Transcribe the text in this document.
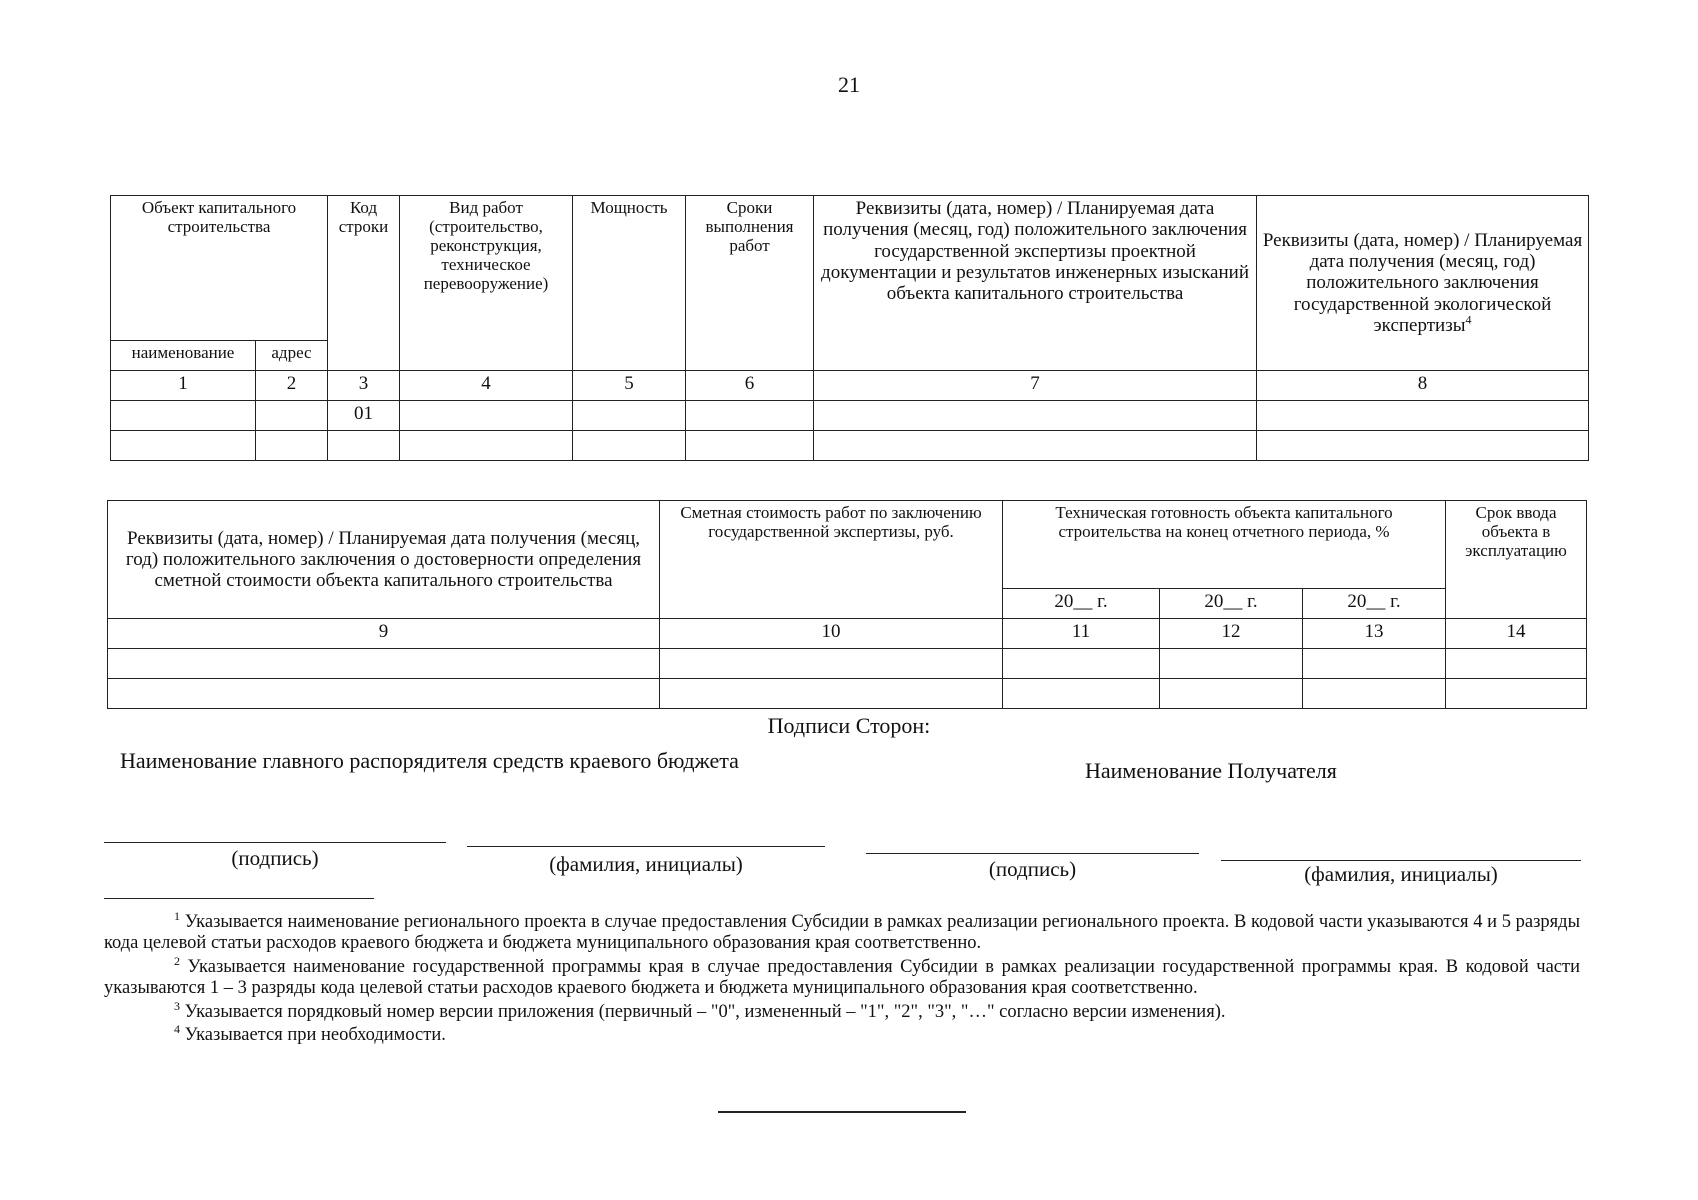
21
Объект капитального строительства		Код строки	Вид работ (строительство, реконструкция, техническое перевооружение)	Мощность	Сроки выполнения работ	Реквизиты (дата, номер) / Планируемая дата получения (месяц, год) положительного заключения государственной экспертизы проектной документации и результатов инженерных изысканий объекта капитального строительства	Реквизиты (дата, номер) / Планируемая дата получения (месяц, год) положительного заключения государственной экологической экспертизы$^4$
наименование	адрес						
1	2	3	4	5	6	7	8
		01					

Реквизиты (дата, номер) / Планируемая дата получения (месяц, год) положительного заключения о достоверности определения сметной стоимости объекта капитального строительства	Сметная стоимость работ по заключению государственной экспертизы, руб.	Техническая готовность объекта капитального строительства на конец отчетного периода, %			Срок ввода объекта в эксплуатацию
		20__ г.	20__ г.	20__ г.	
9	10	11	12	13	14

Подписи Сторон:
Наименование главного распорядителя средств краевого бюджета	Наименование Получателя
(подпись)	(фамилия, инициалы)	(подпись)	(фамилия, инициалы)

$^1$ Указывается наименование регионального проекта в случае предоставления Субсидии в рамках реализации регионального проекта. В кодовой части указываются 4 и 5 разряды кода целевой статьи расходов краевого бюджета и бюджета муниципального образования края соответственно.

$^2$ Указывается наименование государственной программы края в случае предоставления Субсидии в рамках реализации государственной программы края. В кодовой части указываются 1 – 3 разряды кода целевой статьи расходов краевого бюджета и бюджета муниципального образования края соответственно.

$^3$ Указывается порядковый номер версии приложения (первичный – "0", измененный – "1", "2", "3", "…" согласно версии изменения).

$^4$ Указывается при необходимости.
